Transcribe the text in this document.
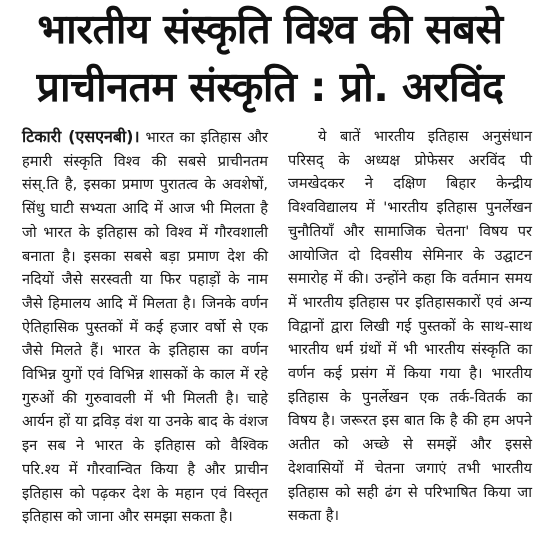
भारतीय संस्कृति विश्व की सबसे
प्राचीनतम संस्कृति : प्रो. अरविंद

टिकारी (एसएनबी)। भारत का इतिहास और हमारी संस्कृति विश्व की सबसे प्राचीनतम संस्.ति है, इसका प्रमाण पुरातत्व के अवशेषों, सिंधु घाटी सभ्यता आदि में आज भी मिलता है जो भारत के इतिहास को विश्व में गौरवशाली बनाता है। इसका सबसे बड़ा प्रमाण देश की नदियों जैसे सरस्वती या फिर पहाड़ों के नाम जैसे हिमालय आदि में मिलता है। जिनके वर्णन ऐतिहासिक पुस्तकों में कई हजार वर्षो से एक जैसे मिलते हैं। भारत के इतिहास का वर्णन विभिन्न युगों एवं विभिन्न शासकों के काल में रहे गुरुओं की गुरुवावली में भी मिलती है। चाहे आर्यन हों या द्रविड़ वंश या उनके बाद के वंशज इन सब ने भारत के इतिहास को वैश्विक परि.श्य में गौरवान्वित किया है और प्राचीन इतिहास को पढ़कर देश के महान एवं विस्तृत इतिहास को जाना और समझा सकता है।

ये बातें भारतीय इतिहास अनुसंधान परिसद् के अध्यक्ष प्रोफेसर अरविंद पी जमखेदकर ने दक्षिण बिहार केन्द्रीय विश्वविद्यालय में 'भारतीय इतिहास पुनर्लेखन चुनौतियाँ और सामाजिक चेतना' विषय पर आयोजित दो दिवसीय सेमिनार के उद्घाटन समारोह में की। उन्होंने कहा कि वर्तमान समय में भारतीय इतिहास पर इतिहासकारों एवं अन्य विद्वानों द्वारा लिखी गई पुस्तकों के साथ-साथ भारतीय धर्म ग्रंथों में भी भारतीय संस्कृति का वर्णन कई प्रसंग में किया गया है। भारतीय इतिहास के पुनर्लेखन एक तर्क-वितर्क का विषय है। जरूरत इस बात कि है की हम अपने अतीत को अच्छे से समझें और इससे देशवासियों में चेतना जगाएं तभी भारतीय इतिहास को सही ढंग से परिभाषित किया जा सकता है।
